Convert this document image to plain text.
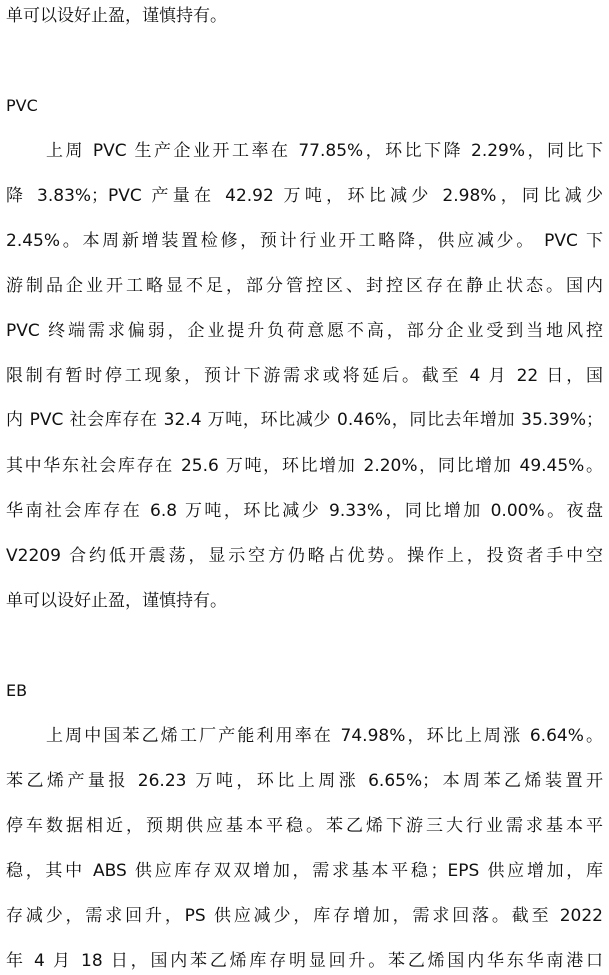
单可以设好止盈，谨慎持有。
PVC
上周 PVC 生产企业开工率在 77.85%，环比下降 2.29%，同比下
降 3.83%；PVC 产量在 42.92 万吨，环比减少 2.98%，同比减少
2.45%。本周新增装置检修，预计行业开工略降，供应减少。 PVC 下
游制品企业开工略显不足，部分管控区、封控区存在静止状态。国内
PVC 终端需求偏弱，企业提升负荷意愿不高，部分企业受到当地风控
限制有暂时停工现象，预计下游需求或将延后。截至 4 月 22 日，国
内 PVC 社会库存在 32.4 万吨，环比减少 0.46%，同比去年增加 35.39%；
其中华东社会库存在 25.6 万吨，环比增加 2.20%，同比增加 49.45%。
华南社会库存在 6.8 万吨，环比减少 9.33%，同比增加 0.00%。夜盘
V2209 合约低开震荡，显示空方仍略占优势。操作上，投资者手中空
单可以设好止盈，谨慎持有。
EB
上周中国苯乙烯工厂产能利用率在 74.98%，环比上周涨 6.64%。
苯乙烯产量报 26.23 万吨，环比上周涨 6.65%；本周苯乙烯装置开
停车数据相近，预期供应基本平稳。苯乙烯下游三大行业需求基本平
稳，其中 ABS 供应库存双双增加，需求基本平稳；EPS 供应增加，库
存减少，需求回升，PS 供应减少，库存增加，需求回落。截至 2022
年 4 月 18 日，国内苯乙烯库存明显回升。苯乙烯国内华东华南港口
